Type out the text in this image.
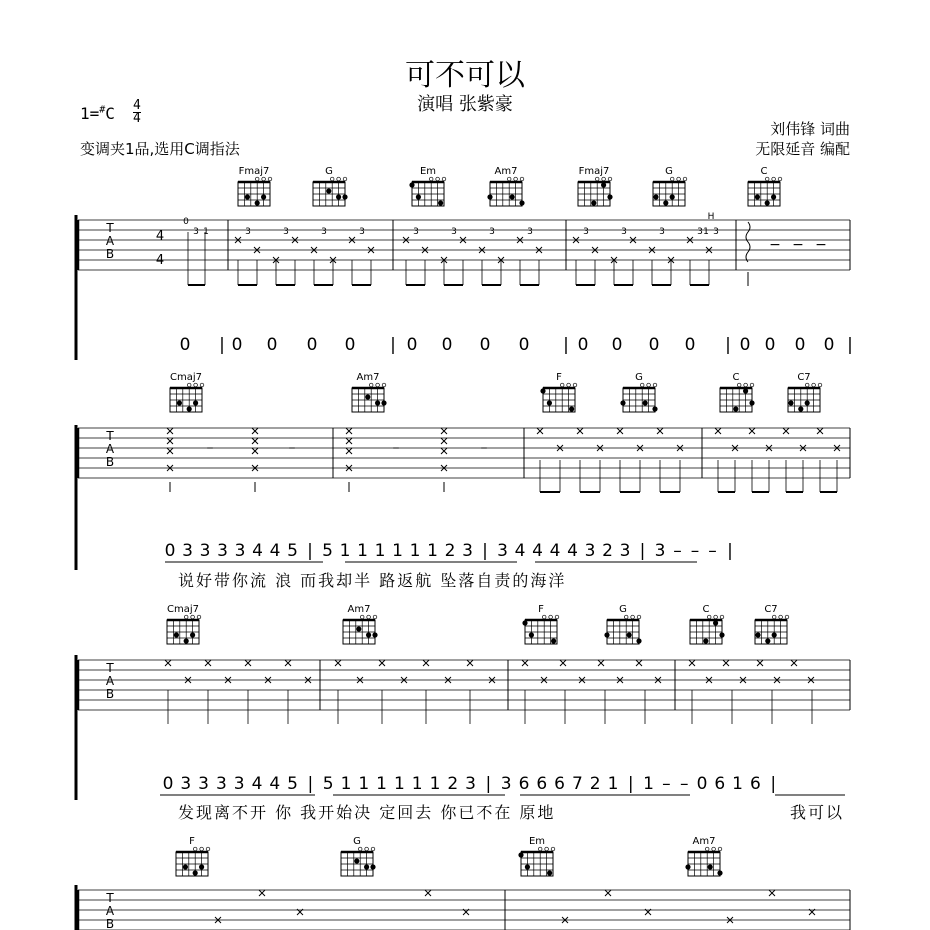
可不可以
演唱 张紫豪
1=#C 4
4
变调夹1品,选用C调指法
刘伟锋 词曲
无限延音 编配
Fmaj7	G	Em	Am7	Fmaj7	G	C
T
A
B
4
4
0
3 1	3	3	3	3	3	3	3	3	3	3	3	3
H
1 3
− − −
0 | 0 0 0 0 | 0 0 0 0 | 0 0 0 0 | 0 0 0 0 |
Cmaj7	Am7	F	G	C	C7
T
A
B
–	–	–	–
0 3 3 3 3 4 4 5 | 5 1 1 1 1 1 1 2 3 | 3 4 4 4 4 3 2 3 | 3 – – – |
Cmaj7	Am7	F	G	C	C7
T
A
B
0 3 3 3 3 4 4 5 | 5 1 1 1 1 1 1 2 3 | 3 6 6 6 7 2 1 | 1 – – 0 6 1 6 |
F	G	Em	Am7
T
A
B
说好带你流 浪 而我却半 路返航 坠落自责的海洋
发现离不开 你 我开始决 定回去 你已不在 原地	我可以
